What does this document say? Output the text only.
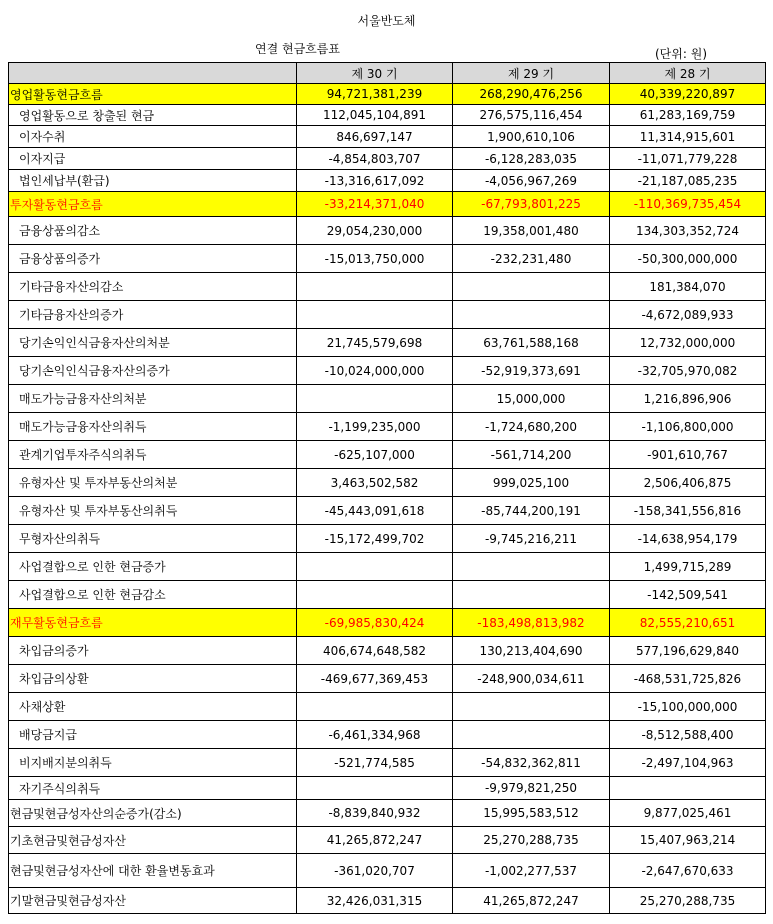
서울반도체
연결 현금흐름표	(단위: 원)
	제 30 기	제 29 기	제 28 기
영업활동현금흐름	94,721,381,239	268,290,476,256	40,339,220,897
영업활동으로 창출된 현금	112,045,104,891	276,575,116,454	61,283,169,759
이자수취	846,697,147	1,900,610,106	11,314,915,601
이자지급	-4,854,803,707	-6,128,283,035	-11,071,779,228
법인세납부(환급)	-13,316,617,092	-4,056,967,269	-21,187,085,235
투자활동현금흐름	-33,214,371,040	-67,793,801,225	-110,369,735,454
금융상품의감소	29,054,230,000	19,358,001,480	134,303,352,724
금융상품의증가	-15,013,750,000	-232,231,480	-50,300,000,000
기타금융자산의감소			181,384,070
기타금융자산의증가			-4,672,089,933
당기손익인식금융자산의처분	21,745,579,698	63,761,588,168	12,732,000,000
당기손익인식금융자산의증가	-10,024,000,000	-52,919,373,691	-32,705,970,082
매도가능금융자산의처분		15,000,000	1,216,896,906
매도가능금융자산의취득	-1,199,235,000	-1,724,680,200	-1,106,800,000
관계기업투자주식의취득	-625,107,000	-561,714,200	-901,610,767
유형자산 및 투자부동산의처분	3,463,502,582	999,025,100	2,506,406,875
유형자산 및 투자부동산의취득	-45,443,091,618	-85,744,200,191	-158,341,556,816
무형자산의취득	-15,172,499,702	-9,745,216,211	-14,638,954,179
사업결합으로 인한 현금증가			1,499,715,289
사업결합으로 인한 현금감소			-142,509,541
재무활동현금흐름	-69,985,830,424	-183,498,813,982	82,555,210,651
차입금의증가	406,674,648,582	130,213,404,690	577,196,629,840
차입금의상환	-469,677,369,453	-248,900,034,611	-468,531,725,826
사채상환			-15,100,000,000
배당금지급	-6,461,334,968		-8,512,588,400
비지배지분의취득	-521,774,585	-54,832,362,811	-2,497,104,963
자기주식의취득		-9,979,821,250	
현금및현금성자산의순증가(감소)	-8,839,840,932	15,995,583,512	9,877,025,461
기초현금및현금성자산	41,265,872,247	25,270,288,735	15,407,963,214
현금및현금성자산에 대한 환율변동효과	-361,020,707	-1,002,277,537	-2,647,670,633
기말현금및현금성자산	32,426,031,315	41,265,872,247	25,270,288,735
